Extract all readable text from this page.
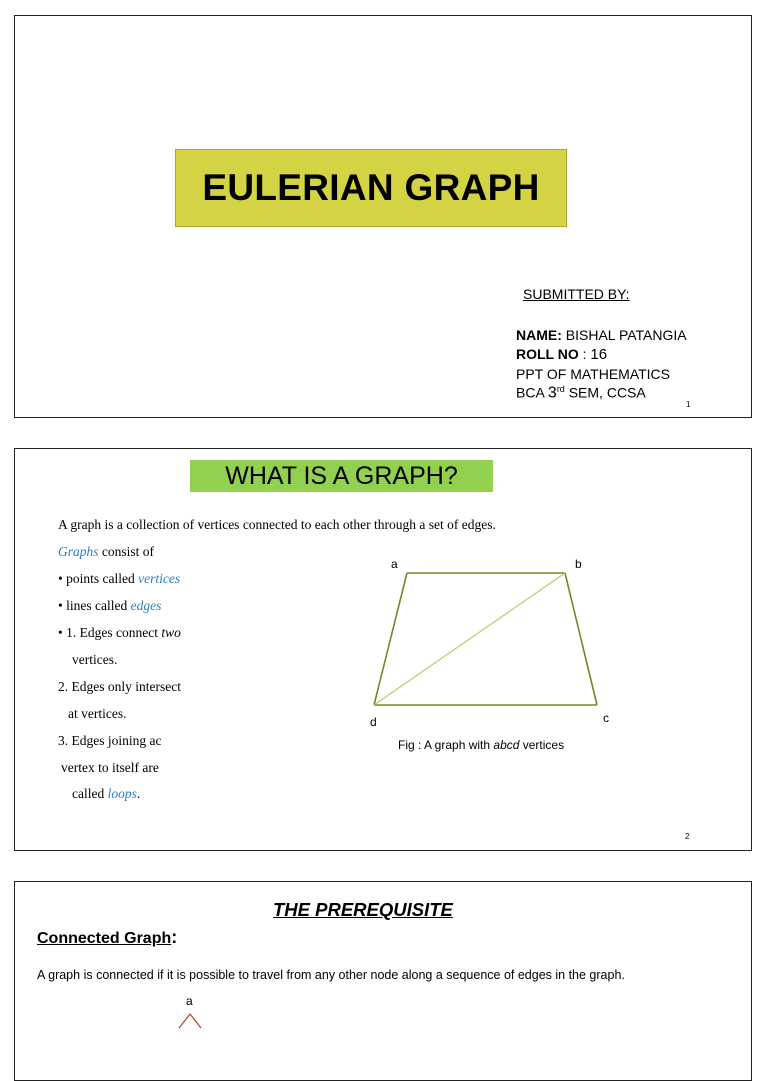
EULERIAN GRAPH
SUBMITTED BY:
NAME: BISHAL PATANGIA
ROLL NO : 16
PPT OF MATHEMATICS
BCA 3rd SEM, CCSA
1
WHAT IS A GRAPH?
A graph is a collection of vertices connected to each other through a set of edges.
Graphs consist of
• points called vertices
• lines called edges
• 1. Edges connect two
vertices.
2. Edges only intersect
at vertices.
3. Edges joining ac
vertex to itself are
called loops.
a	b
c
d
Fig : A graph with abcd vertices
2
THE PREREQUISITE
Connected Graph:
A graph is connected if it is possible to travel from any other node along a sequence of edges in the graph.
a
